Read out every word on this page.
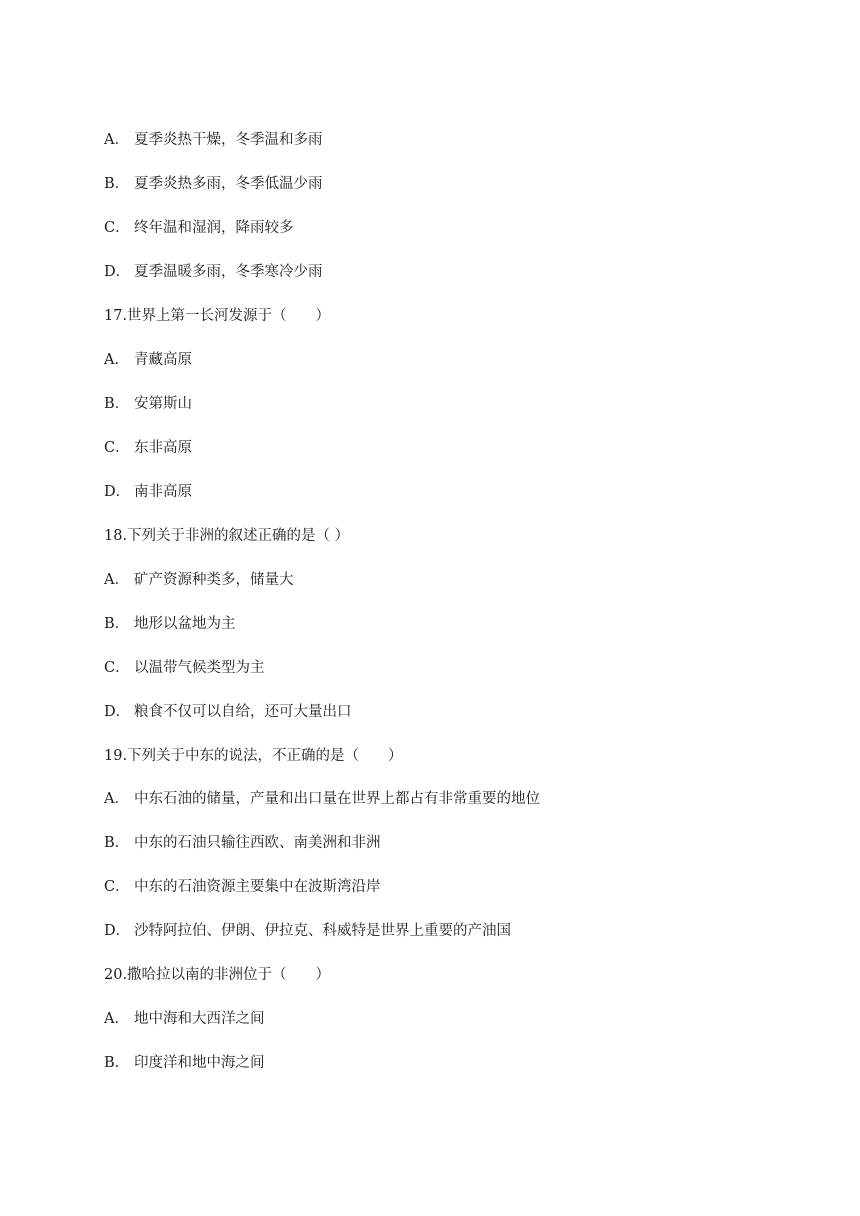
A． 夏季炎热干燥，冬季温和多雨
B． 夏季炎热多雨，冬季低温少雨
C． 终年温和湿润，降雨较多
D． 夏季温暖多雨，冬季寒冷少雨
17.世界上第一长河发源于（　　）
A． 青藏高原
B． 安第斯山
C． 东非高原
D． 南非高原
18.下列关于非洲的叙述正确的是（ ）
A． 矿产资源种类多，储量大
B． 地形以盆地为主
C． 以温带气候类型为主
D． 粮食不仅可以自给，还可大量出口
19.下列关于中东的说法，不正确的是（　　）
A． 中东石油的储量，产量和出口量在世界上都占有非常重要的地位
B． 中东的石油只输往西欧、南美洲和非洲
C． 中东的石油资源主要集中在波斯湾沿岸
D． 沙特阿拉伯、伊朗、伊拉克、科威特是世界上重要的产油国
20.撒哈拉以南的非洲位于（　　）
A． 地中海和大西洋之间
B． 印度洋和地中海之间
